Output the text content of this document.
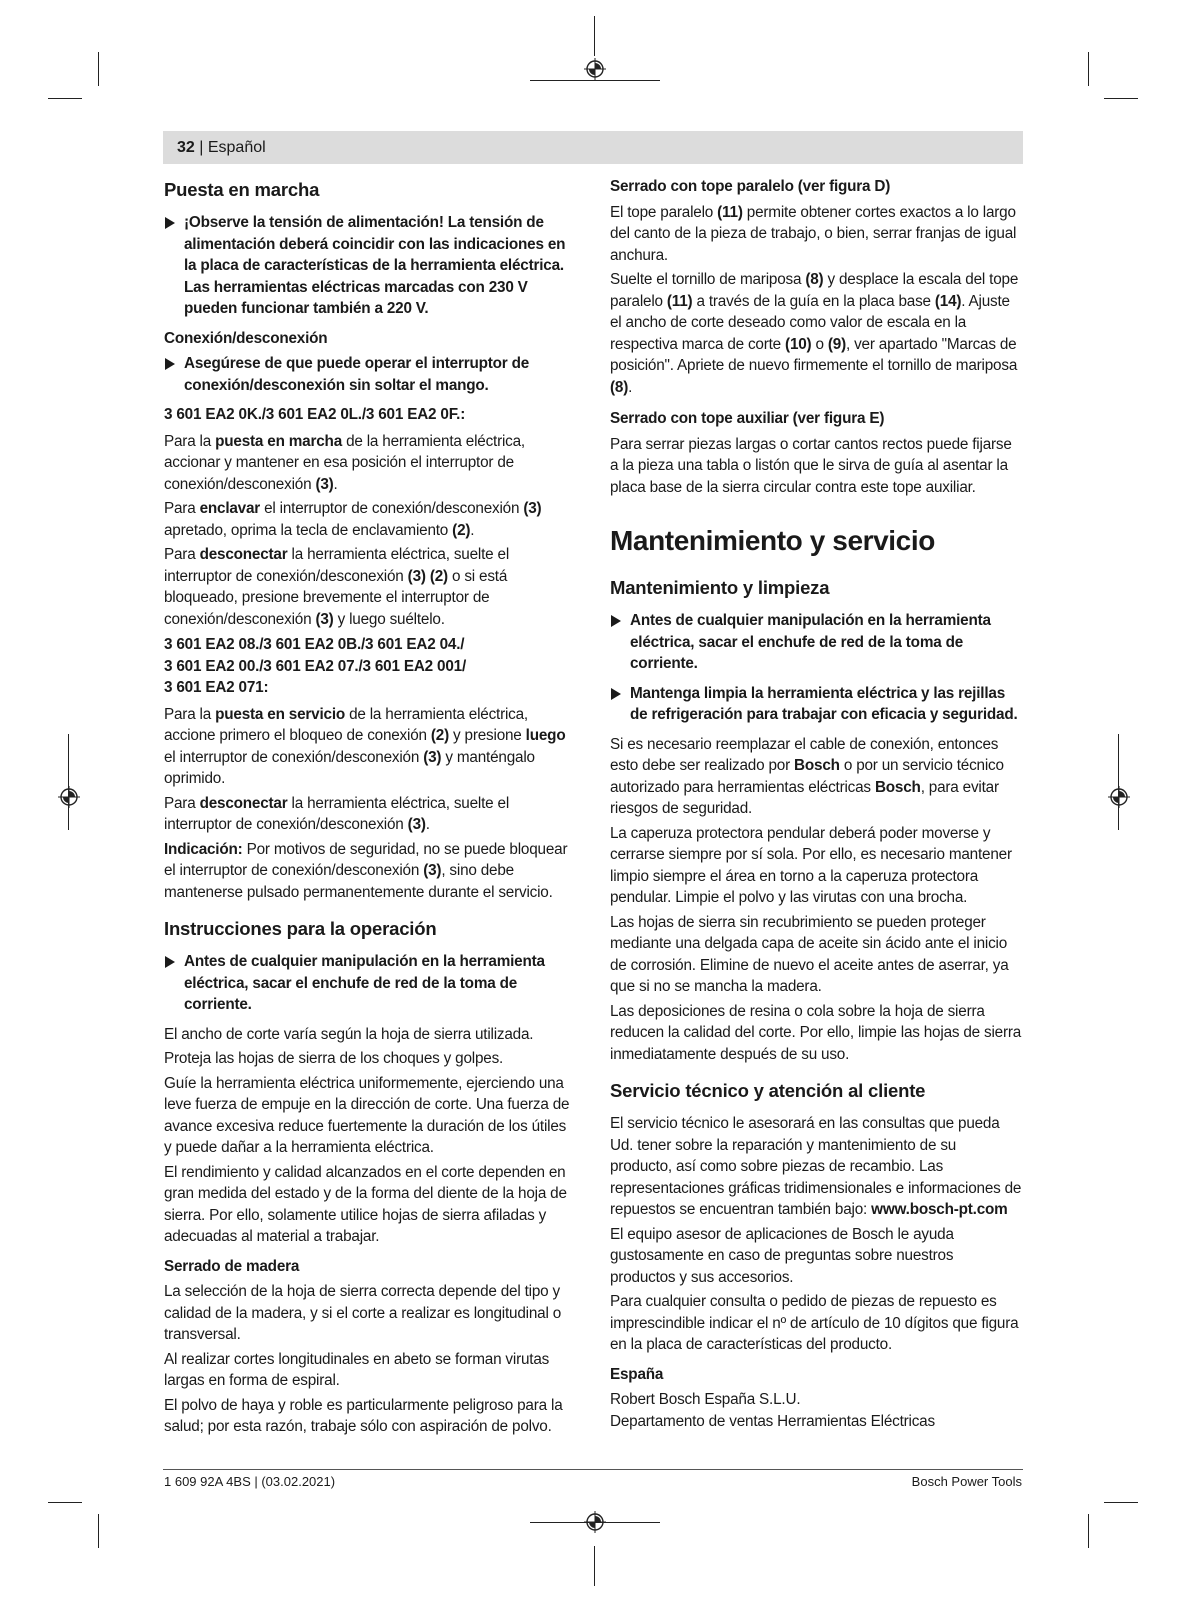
32 | Español
Puesta en marcha
¡Observe la tensión de alimentación! La tensión de alimentación deberá coincidir con las indicaciones en la placa de características de la herramienta eléctrica. Las herramientas eléctricas marcadas con 230 V pueden funcionar también a 220 V.
Conexión/desconexión
Asegúrese de que puede operar el interruptor de conexión/desconexión sin soltar el mango.
3 601 EA2 0K./3 601 EA2 0L./3 601 EA2 0F.:

Para la puesta en marcha de la herramienta eléctrica, accionar y mantener en esa posición el interruptor de conexión/desconexión (3).

Para enclavar el interruptor de conexión/desconexión (3) apretado, oprima la tecla de enclavamiento (2).

Para desconectar la herramienta eléctrica, suelte el interruptor de conexión/desconexión (3) (2) o si está bloqueado, presione brevemente el interruptor de conexión/desconexión (3) y luego suéltelo.

3 601 EA2 08./3 601 EA2 0B./3 601 EA2 04./
3 601 EA2 00./3 601 EA2 07./3 601 EA2 001/
3 601 EA2 071:

Para la puesta en servicio de la herramienta eléctrica, accione primero el bloqueo de conexión (2) y presione luego el interruptor de conexión/desconexión (3) y manténgalo oprimido.

Para desconectar la herramienta eléctrica, suelte el interruptor de conexión/desconexión (3).

Indicación: Por motivos de seguridad, no se puede bloquear el interruptor de conexión/desconexión (3), sino debe mantenerse pulsado permanentemente durante el servicio.

Instrucciones para la operación
Antes de cualquier manipulación en la herramienta eléctrica, sacar el enchufe de red de la toma de corriente.

El ancho de corte varía según la hoja de sierra utilizada.

Proteja las hojas de sierra de los choques y golpes.

Guíe la herramienta eléctrica uniformemente, ejerciendo una leve fuerza de empuje en la dirección de corte. Una fuerza de avance excesiva reduce fuertemente la duración de los útiles y puede dañar a la herramienta eléctrica.

El rendimiento y calidad alcanzados en el corte dependen en gran medida del estado y de la forma del diente de la hoja de sierra. Por ello, solamente utilice hojas de sierra afiladas y adecuadas al material a trabajar.

Serrado de madera

La selección de la hoja de sierra correcta depende del tipo y calidad de la madera, y si el corte a realizar es longitudinal o transversal.

Al realizar cortes longitudinales en abeto se forman virutas largas en forma de espiral.

El polvo de haya y roble es particularmente peligroso para la salud; por esta razón, trabaje sólo con aspiración de polvo.

Serrado con tope paralelo (ver figura D)

El tope paralelo (11) permite obtener cortes exactos a lo largo del canto de la pieza de trabajo, o bien, serrar franjas de igual anchura.

Suelte el tornillo de mariposa (8) y desplace la escala del tope paralelo (11) a través de la guía en la placa base (14). Ajuste el ancho de corte deseado como valor de escala en la respectiva marca de corte (10) o (9), ver apartado "Marcas de posición". Apriete de nuevo firmemente el tornillo de mariposa (8).

Serrado con tope auxiliar (ver figura E)

Para serrar piezas largas o cortar cantos rectos puede fijarse a la pieza una tabla o listón que le sirva de guía al asentar la placa base de la sierra circular contra este tope auxiliar.

Mantenimiento y servicio
Mantenimiento y limpieza
Antes de cualquier manipulación en la herramienta eléctrica, sacar el enchufe de red de la toma de corriente.
Mantenga limpia la herramienta eléctrica y las rejillas de refrigeración para trabajar con eficacia y seguridad.

Si es necesario reemplazar el cable de conexión, entonces esto debe ser realizado por Bosch o por un servicio técnico autorizado para herramientas eléctricas Bosch, para evitar riesgos de seguridad.

La caperuza protectora pendular deberá poder moverse y cerrarse siempre por sí sola. Por ello, es necesario mantener limpio siempre el área en torno a la caperuza protectora pendular. Limpie el polvo y las virutas con una brocha.

Las hojas de sierra sin recubrimiento se pueden proteger mediante una delgada capa de aceite sin ácido ante el inicio de corrosión. Elimine de nuevo el aceite antes de aserrar, ya que si no se mancha la madera.

Las deposiciones de resina o cola sobre la hoja de sierra reducen la calidad del corte. Por ello, limpie las hojas de sierra inmediatamente después de su uso.

Servicio técnico y atención al cliente

El servicio técnico le asesorará en las consultas que pueda Ud. tener sobre la reparación y mantenimiento de su producto, así como sobre piezas de recambio. Las representaciones gráficas tridimensionales e informaciones de repuestos se encuentran también bajo: www.bosch-pt.com

El equipo asesor de aplicaciones de Bosch le ayuda gustosamente en caso de preguntas sobre nuestros productos y sus accesorios.

Para cualquier consulta o pedido de piezas de repuesto es imprescindible indicar el nº de artículo de 10 dígitos que figura en la placa de características del producto.

España
Robert Bosch España S.L.U.
Departamento de ventas Herramientas Eléctricas
1 609 92A 4BS | (03.02.2021)	Bosch Power Tools
